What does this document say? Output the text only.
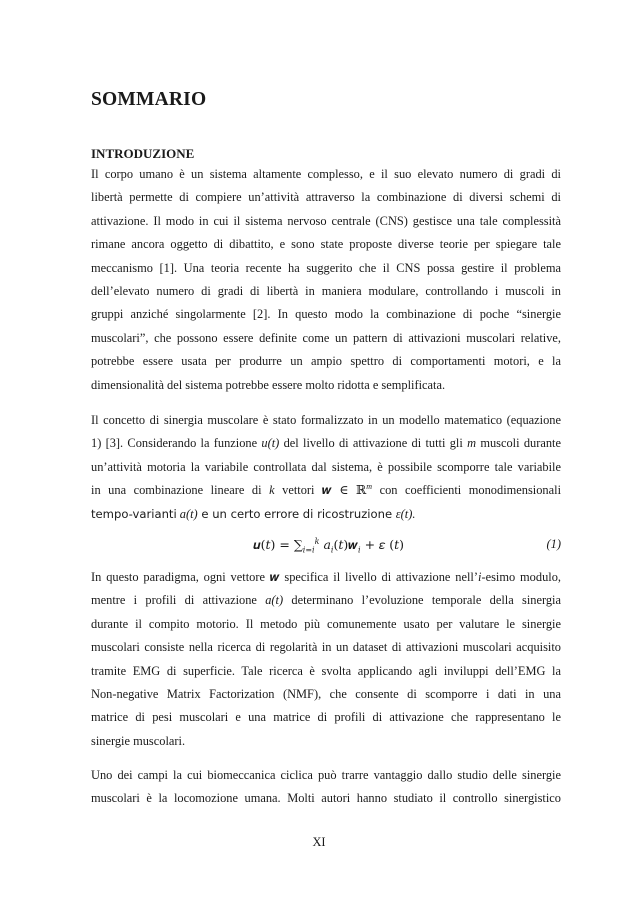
SOMMARIO
INTRODUZIONE
Il corpo umano è un sistema altamente complesso, e il suo elevato numero di gradi di
libertà permette di compiere un’attività attraverso la combinazione di diversi schemi di
attivazione. Il modo in cui il sistema nervoso centrale (CNS) gestisce una tale complessità
rimane ancora oggetto di dibattito, e sono state proposte diverse teorie per spiegare tale
meccanismo [1]. Una teoria recente ha suggerito che il CNS possa gestire il problema
dell’elevato numero di gradi di libertà in maniera modulare, controllando i muscoli in
gruppi anziché singolarmente [2]. In questo modo la combinazione di poche “sinergie
muscolari”, che possono essere definite come un pattern di attivazioni muscolari relative,
potrebbe essere usata per produrre un ampio spettro di comportamenti motori, e la
dimensionalità del sistema potrebbe essere molto ridotta e semplificata.
Il concetto di sinergia muscolare è stato formalizzato in un modello matematico (equazione
1) [3]. Considerando la funzione u(t) del livello di attivazione di tutti gli m muscoli durante
un’attività motoria la variabile controllata dal sistema, è possibile scomporre tale variabile
in una combinazione lineare di k vettori 𝒘 ∈ ℝ$^m$ con coefficienti monodimensionali
tempo-varianti a(t) e un certo errore di ricostruzione ε(t).
𝒖(𝑡) = $\sum_{𝑖=𝑖}^𝑘$ 𝑎$_𝑖$(𝑡)𝒘$_𝑖$ + 𝜀 (𝑡)	(1)
In questo paradigma, ogni vettore 𝒘 specifica il livello di attivazione nell’i-esimo modulo,
mentre i profili di attivazione a(t) determinano l’evoluzione temporale della sinergia
durante il compito motorio. Il metodo più comunemente usato per valutare le sinergie
muscolari consiste nella ricerca di regolarità in un dataset di attivazioni muscolari acquisito
tramite EMG di superficie. Tale ricerca è svolta applicando agli inviluppi dell’EMG la
Non-negative Matrix Factorization (NMF), che consente di scomporre i dati in una
matrice di pesi muscolari e una matrice di profili di attivazione che rappresentano le
sinergie muscolari.
Uno dei campi la cui biomeccanica ciclica può trarre vantaggio dallo studio delle sinergie
muscolari è la locomozione umana. Molti autori hanno studiato il controllo sinergistico
XI
